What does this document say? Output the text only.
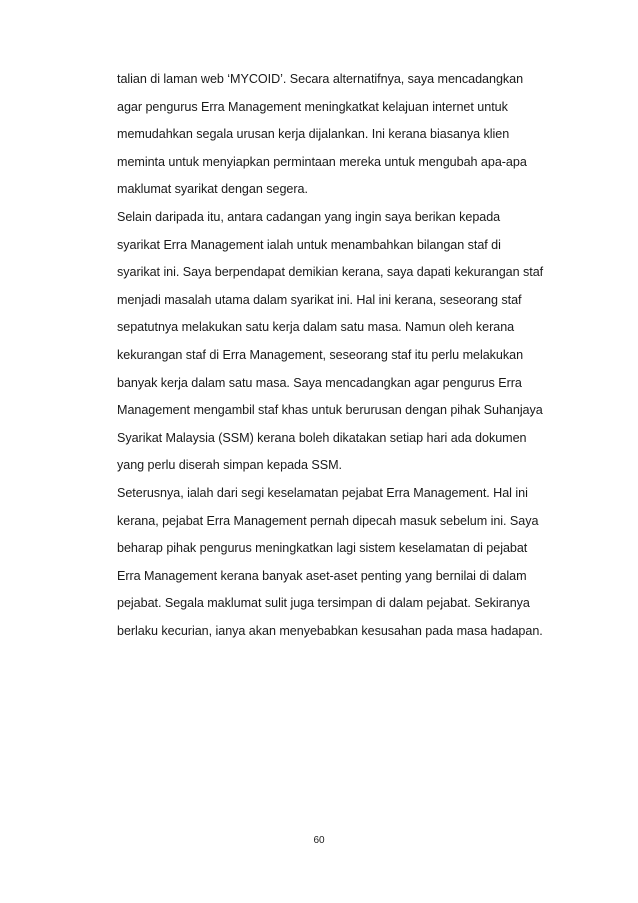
talian di laman web ‘MYCOID’. Secara alternatifnya, saya mencadangkan
agar pengurus Erra Management meningkatkat kelajuan internet untuk
memudahkan segala urusan kerja dijalankan. Ini kerana biasanya klien
meminta untuk menyiapkan permintaan mereka untuk mengubah apa-apa
maklumat syarikat dengan segera.
Selain daripada itu, antara cadangan yang ingin saya berikan kepada
syarikat Erra Management ialah untuk menambahkan bilangan staf di
syarikat ini. Saya berpendapat demikian kerana, saya dapati kekurangan staf
menjadi masalah utama dalam syarikat ini. Hal ini kerana, seseorang staf
sepatutnya melakukan satu kerja dalam satu masa. Namun oleh kerana
kekurangan staf di Erra Management, seseorang staf itu perlu melakukan
banyak kerja dalam satu masa. Saya mencadangkan agar pengurus Erra
Management mengambil staf khas untuk berurusan dengan pihak Suhanjaya
Syarikat Malaysia (SSM) kerana boleh dikatakan setiap hari ada dokumen
yang perlu diserah simpan kepada SSM.
Seterusnya, ialah dari segi keselamatan pejabat Erra Management. Hal ini
kerana, pejabat Erra Management pernah dipecah masuk sebelum ini. Saya
beharap pihak pengurus meningkatkan lagi sistem keselamatan di pejabat
Erra Management kerana banyak aset-aset penting yang bernilai di dalam
pejabat. Segala maklumat sulit juga tersimpan di dalam pejabat. Sekiranya
berlaku kecurian, ianya akan menyebabkan kesusahan pada masa hadapan.
60
